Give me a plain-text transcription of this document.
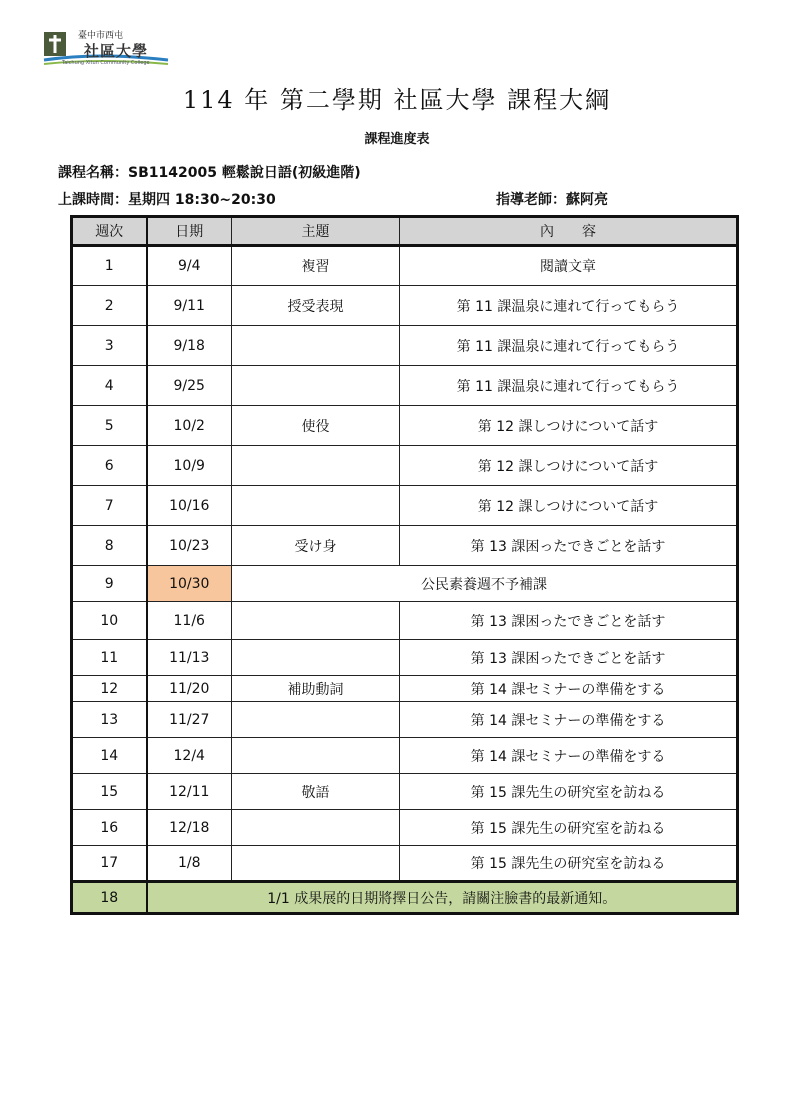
臺中市西屯
社區大學
Taichung Xitun Community College
114 年 第二學期 社區大學 課程大綱
課程進度表
課程名稱：SB1142005 輕鬆說日語(初級進階)
上課時間：星期四 18:30~20:30	指導老師：蘇阿亮
週次	日期	主題	內　　容
1	9/4	複習	閱讀文章
2	9/11	授受表現	第 11 課温泉に連れて行ってもらう
3	9/18		第 11 課温泉に連れて行ってもらう
4	9/25		第 11 課温泉に連れて行ってもらう
5	10/2	使役	第 12 課しつけについて話す
6	10/9		第 12 課しつけについて話す
7	10/16		第 12 課しつけについて話す
8	10/23	受け身	第 13 課困ったできごとを話す
9	10/30	公民素養週不予補課	
10	11/6		第 13 課困ったできごとを話す
11	11/13		第 13 課困ったできごとを話す
12	11/20	補助動詞	第 14 課セミナーの準備をする
13	11/27		第 14 課セミナーの準備をする
14	12/4		第 14 課セミナーの準備をする
15	12/11	敬語	第 15 課先生の研究室を訪ねる
16	12/18		第 15 課先生の研究室を訪ねる
17	1/8		第 15 課先生の研究室を訪ねる
18	1/1 成果展的日期將擇日公告，請關注臉書的最新通知。		
